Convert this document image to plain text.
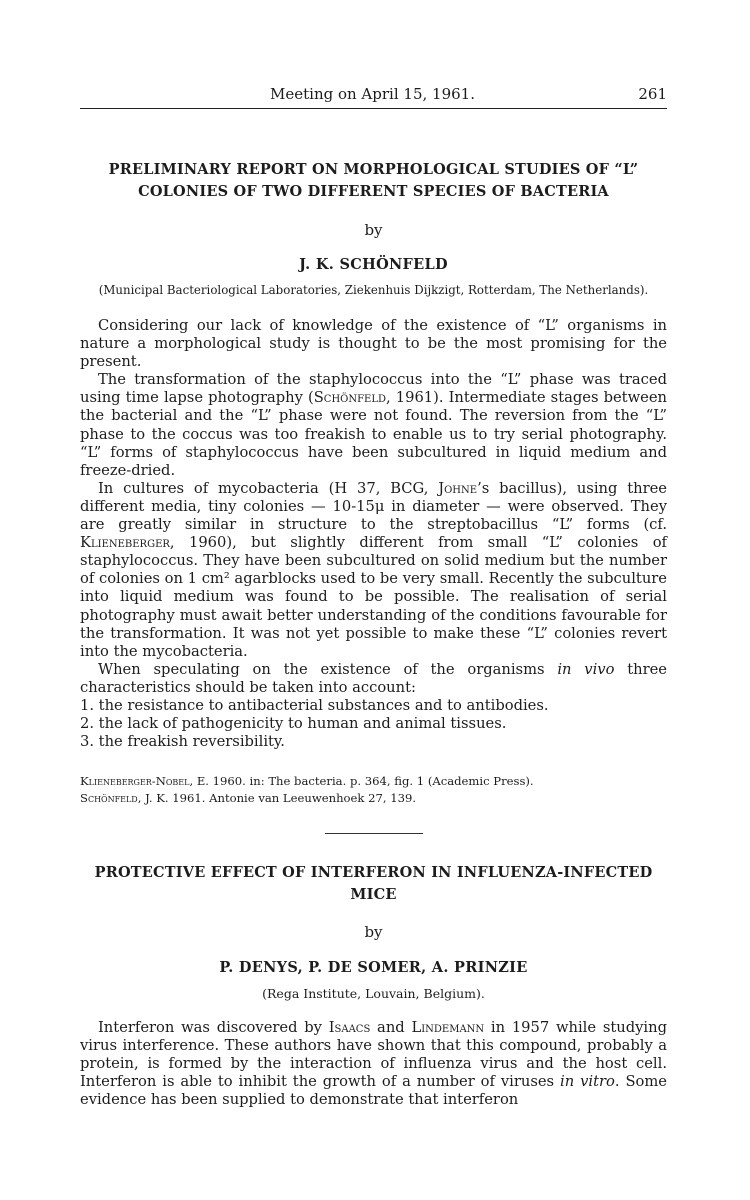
Meeting on April 15, 1961.	261
PRELIMINARY REPORT ON MORPHOLOGICAL STUDIES OF “L”
COLONIES OF TWO DIFFERENT SPECIES OF BACTERIA
by
J. K. SCHÖNFELD
(Municipal Bacteriological Laboratories, Ziekenhuis Dijkzigt, Rotterdam, The Netherlands).

Considering our lack of knowledge of the existence of “L” organisms in nature a morphological study is thought to be the most promising for the present.

The transformation of the staphylococcus into the “L” phase was traced using time lapse photography (Schönfeld, 1961). Intermediate stages between the bacterial and the “L” phase were not found. The reversion from the “L” phase to the coccus was too freakish to enable us to try serial photography. “L” forms of staphylococcus have been subcultured in liquid medium and freeze-dried.

In cultures of mycobacteria (H 37, BCG, Johne’s bacillus), using three different media, tiny colonies — 10-15μ in diameter — were observed. They are greatly similar in structure to the streptobacillus “L” forms (cf. Klieneberger, 1960), but slightly different from small “L” colonies of staphylococcus. They have been subcultured on solid medium but the number of colonies on 1 cm² agarblocks used to be very small. Recently the subculture into liquid medium was found to be possible. The realisation of serial photography must await better understanding of the conditions favourable for the transformation. It was not yet possible to make these “L” colonies revert into the mycobacteria.

When speculating on the existence of the organisms in vivo three characteristics should be taken into account:

1. the resistance to antibacterial substances and to antibodies.
2. the lack of pathogenicity to human and animal tissues.
3. the freakish reversibility.

Klieneberger-Nobel, E. 1960. in: The bacteria. p. 364, fig. 1 (Academic Press).

Schönfeld, J. K. 1961. Antonie van Leeuwenhoek 27, 139.

PROTECTIVE EFFECT OF INTERFERON IN INFLUENZA-INFECTED
MICE
by
P. DENYS, P. DE SOMER, A. PRINZIE
(Rega Institute, Louvain, Belgium).

Interferon was discovered by Isaacs and Lindemann in 1957 while studying virus interference. These authors have shown that this compound, probably a protein, is formed by the interaction of influenza virus and the host cell. Interferon is able to inhibit the growth of a number of viruses in vitro. Some evidence has been supplied to demonstrate that interferon
